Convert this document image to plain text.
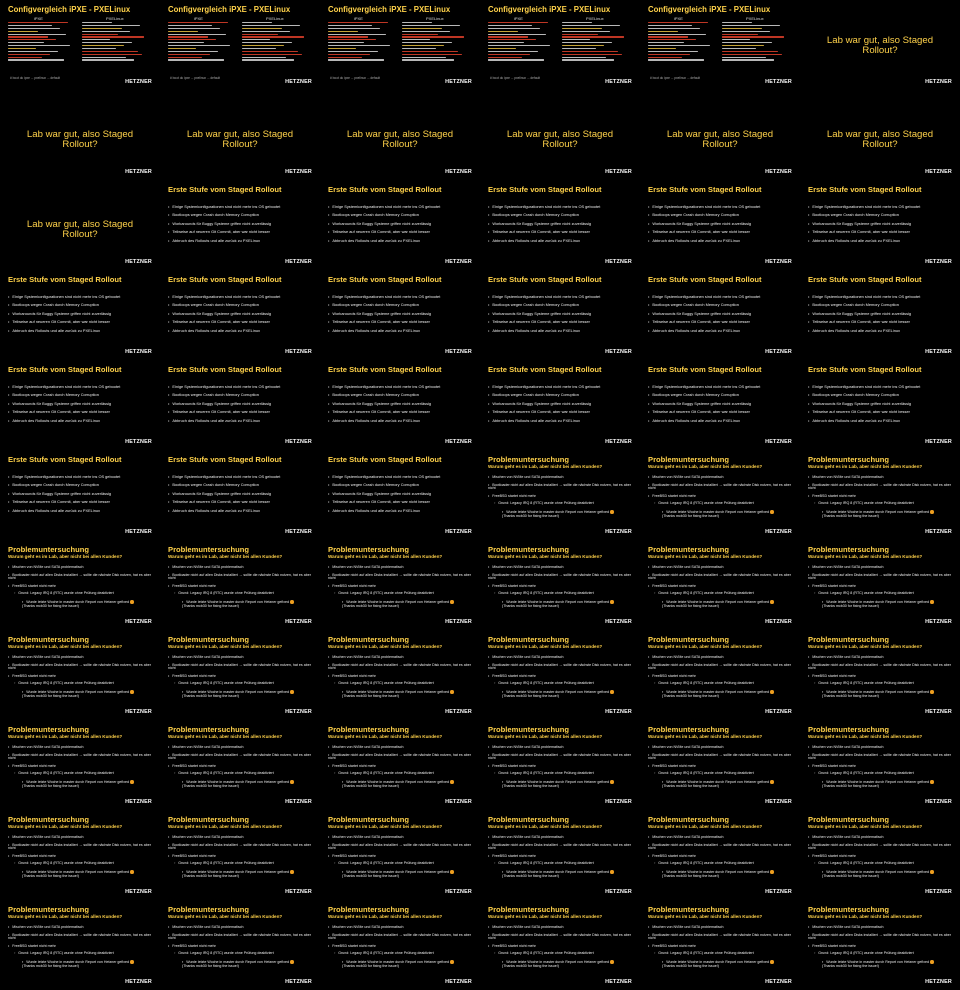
Configvergleich iPXE - PXELinux
iPXE	PXELinux
# boot ok ipxe ... pxelinux ... default
HETZNER
Configvergleich iPXE - PXELinux
iPXE	PXELinux
# boot ok ipxe ... pxelinux ... default
HETZNER
Configvergleich iPXE - PXELinux
iPXE	PXELinux
# boot ok ipxe ... pxelinux ... default
HETZNER
Configvergleich iPXE - PXELinux
iPXE	PXELinux
# boot ok ipxe ... pxelinux ... default
HETZNER
Configvergleich iPXE - PXELinux
iPXE	PXELinux
# boot ok ipxe ... pxelinux ... default
HETZNER
Lab war gut, also Staged Rollout?
HETZNER
Lab war gut, also Staged Rollout?
HETZNER
Lab war gut, also Staged Rollout?
HETZNER
Lab war gut, also Staged Rollout?
HETZNER
Lab war gut, also Staged Rollout?
HETZNER
Lab war gut, also Staged Rollout?
HETZNER
Lab war gut, also Staged Rollout?
HETZNER
Lab war gut, also Staged Rollout?
HETZNER
Erste Stufe vom Staged Rollout
• Einige Systemkonfigurationen sind nicht mehr ins OS gebootet
• Bootloops wegen Crash durch Memory Corruption
• Workarounds für Buggy Systeme griffen nicht zuverlässig
• Teilweise auf neueren Git Commit, aber war nicht besser
• Abbruch des Rollouts und alle zurück zu PXELinux
HETZNER
Erste Stufe vom Staged Rollout
• Einige Systemkonfigurationen sind nicht mehr ins OS gebootet
• Bootloops wegen Crash durch Memory Corruption
• Workarounds für Buggy Systeme griffen nicht zuverlässig
• Teilweise auf neueren Git Commit, aber war nicht besser
• Abbruch des Rollouts und alle zurück zu PXELinux
HETZNER
Erste Stufe vom Staged Rollout
• Einige Systemkonfigurationen sind nicht mehr ins OS gebootet
• Bootloops wegen Crash durch Memory Corruption
• Workarounds für Buggy Systeme griffen nicht zuverlässig
• Teilweise auf neueren Git Commit, aber war nicht besser
• Abbruch des Rollouts und alle zurück zu PXELinux
HETZNER
Erste Stufe vom Staged Rollout
• Einige Systemkonfigurationen sind nicht mehr ins OS gebootet
• Bootloops wegen Crash durch Memory Corruption
• Workarounds für Buggy Systeme griffen nicht zuverlässig
• Teilweise auf neueren Git Commit, aber war nicht besser
• Abbruch des Rollouts und alle zurück zu PXELinux
HETZNER
Erste Stufe vom Staged Rollout
• Einige Systemkonfigurationen sind nicht mehr ins OS gebootet
• Bootloops wegen Crash durch Memory Corruption
• Workarounds für Buggy Systeme griffen nicht zuverlässig
• Teilweise auf neueren Git Commit, aber war nicht besser
• Abbruch des Rollouts und alle zurück zu PXELinux
HETZNER
Erste Stufe vom Staged Rollout
• Einige Systemkonfigurationen sind nicht mehr ins OS gebootet
• Bootloops wegen Crash durch Memory Corruption
• Workarounds für Buggy Systeme griffen nicht zuverlässig
• Teilweise auf neueren Git Commit, aber war nicht besser
• Abbruch des Rollouts und alle zurück zu PXELinux
HETZNER
Erste Stufe vom Staged Rollout
• Einige Systemkonfigurationen sind nicht mehr ins OS gebootet
• Bootloops wegen Crash durch Memory Corruption
• Workarounds für Buggy Systeme griffen nicht zuverlässig
• Teilweise auf neueren Git Commit, aber war nicht besser
• Abbruch des Rollouts und alle zurück zu PXELinux
HETZNER
Erste Stufe vom Staged Rollout
• Einige Systemkonfigurationen sind nicht mehr ins OS gebootet
• Bootloops wegen Crash durch Memory Corruption
• Workarounds für Buggy Systeme griffen nicht zuverlässig
• Teilweise auf neueren Git Commit, aber war nicht besser
• Abbruch des Rollouts und alle zurück zu PXELinux
HETZNER
Erste Stufe vom Staged Rollout
• Einige Systemkonfigurationen sind nicht mehr ins OS gebootet
• Bootloops wegen Crash durch Memory Corruption
• Workarounds für Buggy Systeme griffen nicht zuverlässig
• Teilweise auf neueren Git Commit, aber war nicht besser
• Abbruch des Rollouts und alle zurück zu PXELinux
HETZNER
Erste Stufe vom Staged Rollout
• Einige Systemkonfigurationen sind nicht mehr ins OS gebootet
• Bootloops wegen Crash durch Memory Corruption
• Workarounds für Buggy Systeme griffen nicht zuverlässig
• Teilweise auf neueren Git Commit, aber war nicht besser
• Abbruch des Rollouts und alle zurück zu PXELinux
HETZNER
Erste Stufe vom Staged Rollout
• Einige Systemkonfigurationen sind nicht mehr ins OS gebootet
• Bootloops wegen Crash durch Memory Corruption
• Workarounds für Buggy Systeme griffen nicht zuverlässig
• Teilweise auf neueren Git Commit, aber war nicht besser
• Abbruch des Rollouts und alle zurück zu PXELinux
HETZNER
Erste Stufe vom Staged Rollout
• Einige Systemkonfigurationen sind nicht mehr ins OS gebootet
• Bootloops wegen Crash durch Memory Corruption
• Workarounds für Buggy Systeme griffen nicht zuverlässig
• Teilweise auf neueren Git Commit, aber war nicht besser
• Abbruch des Rollouts und alle zurück zu PXELinux
HETZNER
Erste Stufe vom Staged Rollout
• Einige Systemkonfigurationen sind nicht mehr ins OS gebootet
• Bootloops wegen Crash durch Memory Corruption
• Workarounds für Buggy Systeme griffen nicht zuverlässig
• Teilweise auf neueren Git Commit, aber war nicht besser
• Abbruch des Rollouts und alle zurück zu PXELinux
HETZNER
Erste Stufe vom Staged Rollout
• Einige Systemkonfigurationen sind nicht mehr ins OS gebootet
• Bootloops wegen Crash durch Memory Corruption
• Workarounds für Buggy Systeme griffen nicht zuverlässig
• Teilweise auf neueren Git Commit, aber war nicht besser
• Abbruch des Rollouts und alle zurück zu PXELinux
HETZNER
Erste Stufe vom Staged Rollout
• Einige Systemkonfigurationen sind nicht mehr ins OS gebootet
• Bootloops wegen Crash durch Memory Corruption
• Workarounds für Buggy Systeme griffen nicht zuverlässig
• Teilweise auf neueren Git Commit, aber war nicht besser
• Abbruch des Rollouts und alle zurück zu PXELinux
HETZNER
Erste Stufe vom Staged Rollout
• Einige Systemkonfigurationen sind nicht mehr ins OS gebootet
• Bootloops wegen Crash durch Memory Corruption
• Workarounds für Buggy Systeme griffen nicht zuverlässig
• Teilweise auf neueren Git Commit, aber war nicht besser
• Abbruch des Rollouts und alle zurück zu PXELinux
HETZNER
Erste Stufe vom Staged Rollout
• Einige Systemkonfigurationen sind nicht mehr ins OS gebootet
• Bootloops wegen Crash durch Memory Corruption
• Workarounds für Buggy Systeme griffen nicht zuverlässig
• Teilweise auf neueren Git Commit, aber war nicht besser
• Abbruch des Rollouts und alle zurück zu PXELinux
HETZNER
Erste Stufe vom Staged Rollout
• Einige Systemkonfigurationen sind nicht mehr ins OS gebootet
• Bootloops wegen Crash durch Memory Corruption
• Workarounds für Buggy Systeme griffen nicht zuverlässig
• Teilweise auf neueren Git Commit, aber war nicht besser
• Abbruch des Rollouts und alle zurück zu PXELinux
HETZNER
Erste Stufe vom Staged Rollout
• Einige Systemkonfigurationen sind nicht mehr ins OS gebootet
• Bootloops wegen Crash durch Memory Corruption
• Workarounds für Buggy Systeme griffen nicht zuverlässig
• Teilweise auf neueren Git Commit, aber war nicht besser
• Abbruch des Rollouts und alle zurück zu PXELinux
HETZNER
Erste Stufe vom Staged Rollout
• Einige Systemkonfigurationen sind nicht mehr ins OS gebootet
• Bootloops wegen Crash durch Memory Corruption
• Workarounds für Buggy Systeme griffen nicht zuverlässig
• Teilweise auf neueren Git Commit, aber war nicht besser
• Abbruch des Rollouts und alle zurück zu PXELinux
HETZNER
Problemuntersuchung
Warum geht es im Lab, aber nicht bei allen Kunden?
• Mischen von NVMe und SATA problematisch
• Bootloader nicht auf allen Disks installiert → sollte die nächste Disk nutzen, hat es aber nicht
• FreeBSD startet nicht mehr
◦ Grund: Legacy IRQ 8 (RTC) wurde ohne Prüfung deaktiviert
▪ Wurde letzte Woche in master durch Report von Hetzner gefixed
(Thanks mcb30 for fixing the issue!)
HETZNER
Problemuntersuchung
Warum geht es im Lab, aber nicht bei allen Kunden?
• Mischen von NVMe und SATA problematisch
• Bootloader nicht auf allen Disks installiert → sollte die nächste Disk nutzen, hat es aber nicht
• FreeBSD startet nicht mehr
◦ Grund: Legacy IRQ 8 (RTC) wurde ohne Prüfung deaktiviert
▪ Wurde letzte Woche in master durch Report von Hetzner gefixed
(Thanks mcb30 for fixing the issue!)
HETZNER
Problemuntersuchung
Warum geht es im Lab, aber nicht bei allen Kunden?
• Mischen von NVMe und SATA problematisch
• Bootloader nicht auf allen Disks installiert → sollte die nächste Disk nutzen, hat es aber nicht
• FreeBSD startet nicht mehr
◦ Grund: Legacy IRQ 8 (RTC) wurde ohne Prüfung deaktiviert
▪ Wurde letzte Woche in master durch Report von Hetzner gefixed
(Thanks mcb30 for fixing the issue!)
HETZNER
Problemuntersuchung
Warum geht es im Lab, aber nicht bei allen Kunden?
• Mischen von NVMe und SATA problematisch
• Bootloader nicht auf allen Disks installiert → sollte die nächste Disk nutzen, hat es aber nicht
• FreeBSD startet nicht mehr
◦ Grund: Legacy IRQ 8 (RTC) wurde ohne Prüfung deaktiviert
▪ Wurde letzte Woche in master durch Report von Hetzner gefixed
(Thanks mcb30 for fixing the issue!)
HETZNER
Problemuntersuchung
Warum geht es im Lab, aber nicht bei allen Kunden?
• Mischen von NVMe und SATA problematisch
• Bootloader nicht auf allen Disks installiert → sollte die nächste Disk nutzen, hat es aber nicht
• FreeBSD startet nicht mehr
◦ Grund: Legacy IRQ 8 (RTC) wurde ohne Prüfung deaktiviert
▪ Wurde letzte Woche in master durch Report von Hetzner gefixed
(Thanks mcb30 for fixing the issue!)
HETZNER
Problemuntersuchung
Warum geht es im Lab, aber nicht bei allen Kunden?
• Mischen von NVMe und SATA problematisch
• Bootloader nicht auf allen Disks installiert → sollte die nächste Disk nutzen, hat es aber nicht
• FreeBSD startet nicht mehr
◦ Grund: Legacy IRQ 8 (RTC) wurde ohne Prüfung deaktiviert
▪ Wurde letzte Woche in master durch Report von Hetzner gefixed
(Thanks mcb30 for fixing the issue!)
HETZNER
Problemuntersuchung
Warum geht es im Lab, aber nicht bei allen Kunden?
• Mischen von NVMe und SATA problematisch
• Bootloader nicht auf allen Disks installiert → sollte die nächste Disk nutzen, hat es aber nicht
• FreeBSD startet nicht mehr
◦ Grund: Legacy IRQ 8 (RTC) wurde ohne Prüfung deaktiviert
▪ Wurde letzte Woche in master durch Report von Hetzner gefixed
(Thanks mcb30 for fixing the issue!)
HETZNER
Problemuntersuchung
Warum geht es im Lab, aber nicht bei allen Kunden?
• Mischen von NVMe und SATA problematisch
• Bootloader nicht auf allen Disks installiert → sollte die nächste Disk nutzen, hat es aber nicht
• FreeBSD startet nicht mehr
◦ Grund: Legacy IRQ 8 (RTC) wurde ohne Prüfung deaktiviert
▪ Wurde letzte Woche in master durch Report von Hetzner gefixed
(Thanks mcb30 for fixing the issue!)
HETZNER
Problemuntersuchung
Warum geht es im Lab, aber nicht bei allen Kunden?
• Mischen von NVMe und SATA problematisch
• Bootloader nicht auf allen Disks installiert → sollte die nächste Disk nutzen, hat es aber nicht
• FreeBSD startet nicht mehr
◦ Grund: Legacy IRQ 8 (RTC) wurde ohne Prüfung deaktiviert
▪ Wurde letzte Woche in master durch Report von Hetzner gefixed
(Thanks mcb30 for fixing the issue!)
HETZNER
Problemuntersuchung
Warum geht es im Lab, aber nicht bei allen Kunden?
• Mischen von NVMe und SATA problematisch
• Bootloader nicht auf allen Disks installiert → sollte die nächste Disk nutzen, hat es aber nicht
• FreeBSD startet nicht mehr
◦ Grund: Legacy IRQ 8 (RTC) wurde ohne Prüfung deaktiviert
▪ Wurde letzte Woche in master durch Report von Hetzner gefixed
(Thanks mcb30 for fixing the issue!)
HETZNER
Problemuntersuchung
Warum geht es im Lab, aber nicht bei allen Kunden?
• Mischen von NVMe und SATA problematisch
• Bootloader nicht auf allen Disks installiert → sollte die nächste Disk nutzen, hat es aber nicht
• FreeBSD startet nicht mehr
◦ Grund: Legacy IRQ 8 (RTC) wurde ohne Prüfung deaktiviert
▪ Wurde letzte Woche in master durch Report von Hetzner gefixed
(Thanks mcb30 for fixing the issue!)
HETZNER
Problemuntersuchung
Warum geht es im Lab, aber nicht bei allen Kunden?
• Mischen von NVMe und SATA problematisch
• Bootloader nicht auf allen Disks installiert → sollte die nächste Disk nutzen, hat es aber nicht
• FreeBSD startet nicht mehr
◦ Grund: Legacy IRQ 8 (RTC) wurde ohne Prüfung deaktiviert
▪ Wurde letzte Woche in master durch Report von Hetzner gefixed
(Thanks mcb30 for fixing the issue!)
HETZNER
Problemuntersuchung
Warum geht es im Lab, aber nicht bei allen Kunden?
• Mischen von NVMe und SATA problematisch
• Bootloader nicht auf allen Disks installiert → sollte die nächste Disk nutzen, hat es aber nicht
• FreeBSD startet nicht mehr
◦ Grund: Legacy IRQ 8 (RTC) wurde ohne Prüfung deaktiviert
▪ Wurde letzte Woche in master durch Report von Hetzner gefixed
(Thanks mcb30 for fixing the issue!)
HETZNER
Problemuntersuchung
Warum geht es im Lab, aber nicht bei allen Kunden?
• Mischen von NVMe und SATA problematisch
• Bootloader nicht auf allen Disks installiert → sollte die nächste Disk nutzen, hat es aber nicht
• FreeBSD startet nicht mehr
◦ Grund: Legacy IRQ 8 (RTC) wurde ohne Prüfung deaktiviert
▪ Wurde letzte Woche in master durch Report von Hetzner gefixed
(Thanks mcb30 for fixing the issue!)
HETZNER
Problemuntersuchung
Warum geht es im Lab, aber nicht bei allen Kunden?
• Mischen von NVMe und SATA problematisch
• Bootloader nicht auf allen Disks installiert → sollte die nächste Disk nutzen, hat es aber nicht
• FreeBSD startet nicht mehr
◦ Grund: Legacy IRQ 8 (RTC) wurde ohne Prüfung deaktiviert
▪ Wurde letzte Woche in master durch Report von Hetzner gefixed
(Thanks mcb30 for fixing the issue!)
HETZNER
Problemuntersuchung
Warum geht es im Lab, aber nicht bei allen Kunden?
• Mischen von NVMe und SATA problematisch
• Bootloader nicht auf allen Disks installiert → sollte die nächste Disk nutzen, hat es aber nicht
• FreeBSD startet nicht mehr
◦ Grund: Legacy IRQ 8 (RTC) wurde ohne Prüfung deaktiviert
▪ Wurde letzte Woche in master durch Report von Hetzner gefixed
(Thanks mcb30 for fixing the issue!)
HETZNER
Problemuntersuchung
Warum geht es im Lab, aber nicht bei allen Kunden?
• Mischen von NVMe und SATA problematisch
• Bootloader nicht auf allen Disks installiert → sollte die nächste Disk nutzen, hat es aber nicht
• FreeBSD startet nicht mehr
◦ Grund: Legacy IRQ 8 (RTC) wurde ohne Prüfung deaktiviert
▪ Wurde letzte Woche in master durch Report von Hetzner gefixed
(Thanks mcb30 for fixing the issue!)
HETZNER
Problemuntersuchung
Warum geht es im Lab, aber nicht bei allen Kunden?
• Mischen von NVMe und SATA problematisch
• Bootloader nicht auf allen Disks installiert → sollte die nächste Disk nutzen, hat es aber nicht
• FreeBSD startet nicht mehr
◦ Grund: Legacy IRQ 8 (RTC) wurde ohne Prüfung deaktiviert
▪ Wurde letzte Woche in master durch Report von Hetzner gefixed
(Thanks mcb30 for fixing the issue!)
HETZNER
Problemuntersuchung
Warum geht es im Lab, aber nicht bei allen Kunden?
• Mischen von NVMe und SATA problematisch
• Bootloader nicht auf allen Disks installiert → sollte die nächste Disk nutzen, hat es aber nicht
• FreeBSD startet nicht mehr
◦ Grund: Legacy IRQ 8 (RTC) wurde ohne Prüfung deaktiviert
▪ Wurde letzte Woche in master durch Report von Hetzner gefixed
(Thanks mcb30 for fixing the issue!)
HETZNER
Problemuntersuchung
Warum geht es im Lab, aber nicht bei allen Kunden?
• Mischen von NVMe und SATA problematisch
• Bootloader nicht auf allen Disks installiert → sollte die nächste Disk nutzen, hat es aber nicht
• FreeBSD startet nicht mehr
◦ Grund: Legacy IRQ 8 (RTC) wurde ohne Prüfung deaktiviert
▪ Wurde letzte Woche in master durch Report von Hetzner gefixed
(Thanks mcb30 for fixing the issue!)
HETZNER
Problemuntersuchung
Warum geht es im Lab, aber nicht bei allen Kunden?
• Mischen von NVMe und SATA problematisch
• Bootloader nicht auf allen Disks installiert → sollte die nächste Disk nutzen, hat es aber nicht
• FreeBSD startet nicht mehr
◦ Grund: Legacy IRQ 8 (RTC) wurde ohne Prüfung deaktiviert
▪ Wurde letzte Woche in master durch Report von Hetzner gefixed
(Thanks mcb30 for fixing the issue!)
HETZNER
Problemuntersuchung
Warum geht es im Lab, aber nicht bei allen Kunden?
• Mischen von NVMe und SATA problematisch
• Bootloader nicht auf allen Disks installiert → sollte die nächste Disk nutzen, hat es aber nicht
• FreeBSD startet nicht mehr
◦ Grund: Legacy IRQ 8 (RTC) wurde ohne Prüfung deaktiviert
▪ Wurde letzte Woche in master durch Report von Hetzner gefixed
(Thanks mcb30 for fixing the issue!)
HETZNER
Problemuntersuchung
Warum geht es im Lab, aber nicht bei allen Kunden?
• Mischen von NVMe und SATA problematisch
• Bootloader nicht auf allen Disks installiert → sollte die nächste Disk nutzen, hat es aber nicht
• FreeBSD startet nicht mehr
◦ Grund: Legacy IRQ 8 (RTC) wurde ohne Prüfung deaktiviert
▪ Wurde letzte Woche in master durch Report von Hetzner gefixed
(Thanks mcb30 for fixing the issue!)
HETZNER
Problemuntersuchung
Warum geht es im Lab, aber nicht bei allen Kunden?
• Mischen von NVMe und SATA problematisch
• Bootloader nicht auf allen Disks installiert → sollte die nächste Disk nutzen, hat es aber nicht
• FreeBSD startet nicht mehr
◦ Grund: Legacy IRQ 8 (RTC) wurde ohne Prüfung deaktiviert
▪ Wurde letzte Woche in master durch Report von Hetzner gefixed
(Thanks mcb30 for fixing the issue!)
HETZNER
Problemuntersuchung
Warum geht es im Lab, aber nicht bei allen Kunden?
• Mischen von NVMe und SATA problematisch
• Bootloader nicht auf allen Disks installiert → sollte die nächste Disk nutzen, hat es aber nicht
• FreeBSD startet nicht mehr
◦ Grund: Legacy IRQ 8 (RTC) wurde ohne Prüfung deaktiviert
▪ Wurde letzte Woche in master durch Report von Hetzner gefixed
(Thanks mcb30 for fixing the issue!)
HETZNER
Problemuntersuchung
Warum geht es im Lab, aber nicht bei allen Kunden?
• Mischen von NVMe und SATA problematisch
• Bootloader nicht auf allen Disks installiert → sollte die nächste Disk nutzen, hat es aber nicht
• FreeBSD startet nicht mehr
◦ Grund: Legacy IRQ 8 (RTC) wurde ohne Prüfung deaktiviert
▪ Wurde letzte Woche in master durch Report von Hetzner gefixed
(Thanks mcb30 for fixing the issue!)
HETZNER
Problemuntersuchung
Warum geht es im Lab, aber nicht bei allen Kunden?
• Mischen von NVMe und SATA problematisch
• Bootloader nicht auf allen Disks installiert → sollte die nächste Disk nutzen, hat es aber nicht
• FreeBSD startet nicht mehr
◦ Grund: Legacy IRQ 8 (RTC) wurde ohne Prüfung deaktiviert
▪ Wurde letzte Woche in master durch Report von Hetzner gefixed
(Thanks mcb30 for fixing the issue!)
HETZNER
Problemuntersuchung
Warum geht es im Lab, aber nicht bei allen Kunden?
• Mischen von NVMe und SATA problematisch
• Bootloader nicht auf allen Disks installiert → sollte die nächste Disk nutzen, hat es aber nicht
• FreeBSD startet nicht mehr
◦ Grund: Legacy IRQ 8 (RTC) wurde ohne Prüfung deaktiviert
▪ Wurde letzte Woche in master durch Report von Hetzner gefixed
(Thanks mcb30 for fixing the issue!)
HETZNER
Problemuntersuchung
Warum geht es im Lab, aber nicht bei allen Kunden?
• Mischen von NVMe und SATA problematisch
• Bootloader nicht auf allen Disks installiert → sollte die nächste Disk nutzen, hat es aber nicht
• FreeBSD startet nicht mehr
◦ Grund: Legacy IRQ 8 (RTC) wurde ohne Prüfung deaktiviert
▪ Wurde letzte Woche in master durch Report von Hetzner gefixed
(Thanks mcb30 for fixing the issue!)
HETZNER
Problemuntersuchung
Warum geht es im Lab, aber nicht bei allen Kunden?
• Mischen von NVMe und SATA problematisch
• Bootloader nicht auf allen Disks installiert → sollte die nächste Disk nutzen, hat es aber nicht
• FreeBSD startet nicht mehr
◦ Grund: Legacy IRQ 8 (RTC) wurde ohne Prüfung deaktiviert
▪ Wurde letzte Woche in master durch Report von Hetzner gefixed
(Thanks mcb30 for fixing the issue!)
HETZNER
Problemuntersuchung
Warum geht es im Lab, aber nicht bei allen Kunden?
• Mischen von NVMe und SATA problematisch
• Bootloader nicht auf allen Disks installiert → sollte die nächste Disk nutzen, hat es aber nicht
• FreeBSD startet nicht mehr
◦ Grund: Legacy IRQ 8 (RTC) wurde ohne Prüfung deaktiviert
▪ Wurde letzte Woche in master durch Report von Hetzner gefixed
(Thanks mcb30 for fixing the issue!)
HETZNER
Problemuntersuchung
Warum geht es im Lab, aber nicht bei allen Kunden?
• Mischen von NVMe und SATA problematisch
• Bootloader nicht auf allen Disks installiert → sollte die nächste Disk nutzen, hat es aber nicht
• FreeBSD startet nicht mehr
◦ Grund: Legacy IRQ 8 (RTC) wurde ohne Prüfung deaktiviert
▪ Wurde letzte Woche in master durch Report von Hetzner gefixed
(Thanks mcb30 for fixing the issue!)
HETZNER
Problemuntersuchung
Warum geht es im Lab, aber nicht bei allen Kunden?
• Mischen von NVMe und SATA problematisch
• Bootloader nicht auf allen Disks installiert → sollte die nächste Disk nutzen, hat es aber nicht
• FreeBSD startet nicht mehr
◦ Grund: Legacy IRQ 8 (RTC) wurde ohne Prüfung deaktiviert
▪ Wurde letzte Woche in master durch Report von Hetzner gefixed
(Thanks mcb30 for fixing the issue!)
HETZNER
